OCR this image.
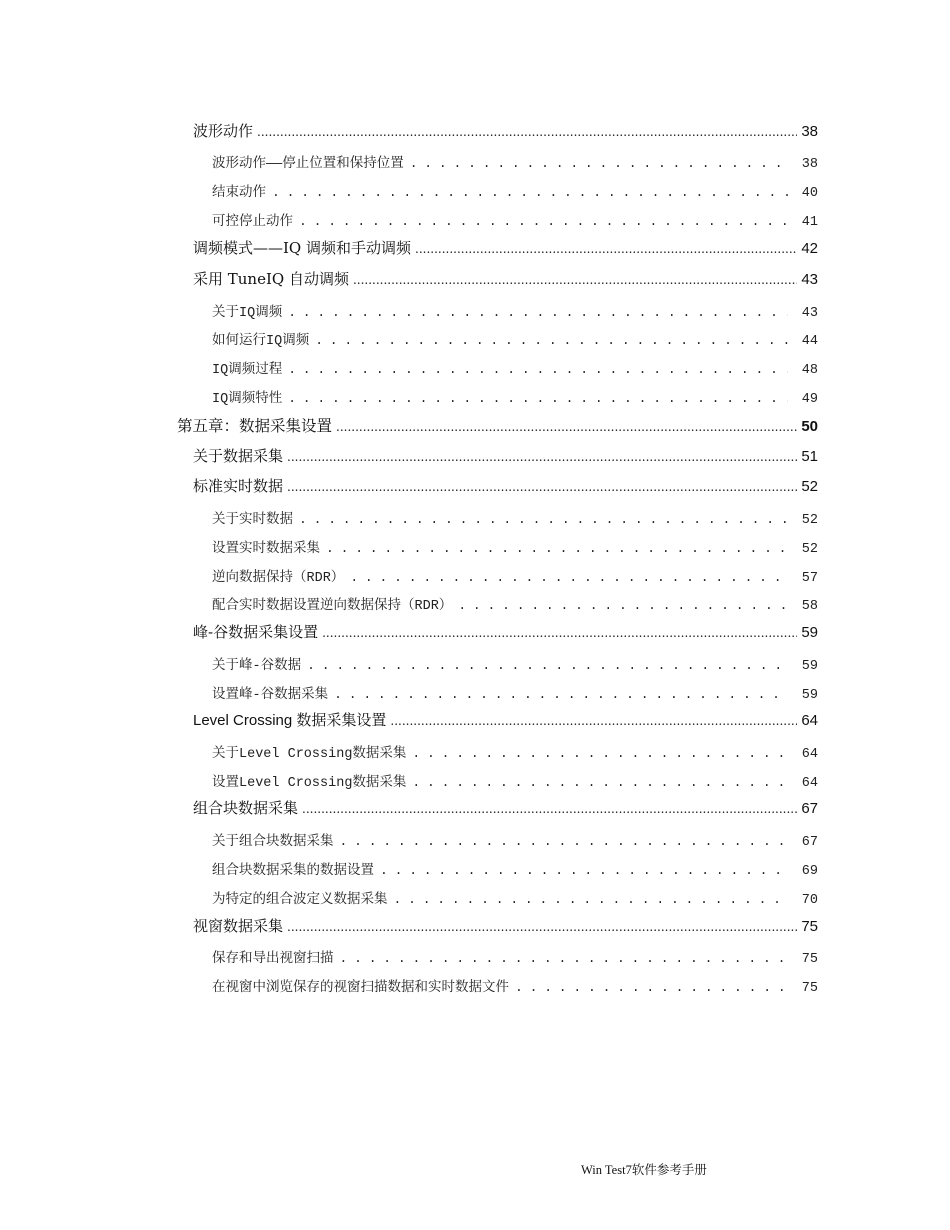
波形动作 .....	38
波形动作——停止位置和保持位置 . . .	38
结束动作 . . .	40
可控停止动作 . . .	41
调频模式——IQ 调频和手动调频 .....	42
采用 TuneIQ 自动调频 .....	43
关于IQ调频 . . .	43
如何运行IQ调频 . . .	44
IQ调频过程 . . .	48
IQ调频特性 . . .	49
第五章：数据采集设置 .....	50
关于数据采集 .....	51
标准实时数据 .....	52
关于实时数据 . . .	52
设置实时数据采集 . . .	52
逆向数据保持（RDR） . . .	57
配合实时数据设置逆向数据保持（RDR） . . .	58
峰-谷数据采集设置 .....	59
关于峰-谷数据 . . .	59
设置峰-谷数据采集 . . .	59
Level Crossing 数据采集设置 .....	64
关于Level Crossing数据采集 . . .	64
设置Level Crossing数据采集 . . .	64
组合块数据采集 .....	67
关于组合块数据采集 . . .	67
组合块数据采集的数据设置 . . .	69
为特定的组合波定义数据采集 . . .	70
视窗数据采集 .....	75
保存和导出视窗扫描 . . .	75
在视窗中浏览保存的视窗扫描数据和实时数据文件 . . .	75
Win Test7软件参考手册
